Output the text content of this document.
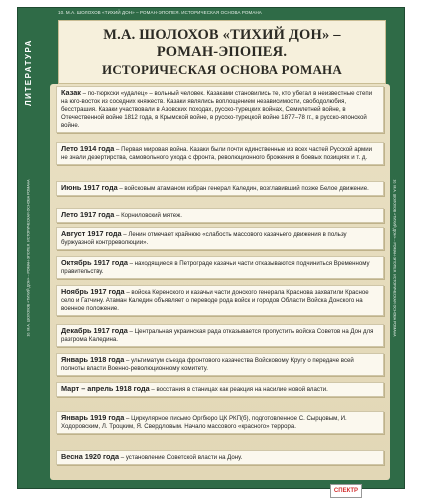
10. М.А. ШОЛОХОВ «ТИХИЙ ДОН» – РОМАН-ЭПОПЕЯ. ИСТОРИЧЕСКАЯ ОСНОВА РОМАНА
ЛИТЕРАТУРА
10. М.А. ШОЛОХОВ «ТИХИЙ ДОН» – РОМАН-ЭПОПЕЯ. ИСТОРИЧЕСКАЯ ОСНОВА РОМАНА	10. М.А. ШОЛОХОВ «ТИХИЙ ДОН» – РОМАН-ЭПОПЕЯ. ИСТОРИЧЕСКАЯ ОСНОВА РОМАНА
М.А. ШОЛОХОВ «ТИХИЙ ДОН» –
РОМАН-ЭПОПЕЯ.
ИСТОРИЧЕСКАЯ ОСНОВА РОМАНА
Казак – по-тюркски «удалец» – вольный человек. Казаками становились те, кто убегал в неизвестные степи на юго-восток из соседних княжеств. Казаки являлись воплощением независимости, свободолюбия, бесстрашия. Казаки участвовали в Азовских походах, русско-турецких войнах, Семилетней войне, в Отечественной войне 1812 года, в Крымской войне, в русско-турецкой войне 1877–78 гг., в русско-японской войне.
Лето 1914 года – Первая мировая война. Казаки были почти единственные из всех частей Русской армии не знали дезертирства, самовольного ухода с фронта, революционного брожения в боевых позициях и т. д.
Июнь 1917 года – войсковым атаманом избран генерал Каледин, возглавивший позже Белое движение.
Лето 1917 года – Корниловский мятеж.
Август 1917 года – Ленин отмечает крайнюю «слабость массового казачьего движения в пользу буржуазной контрреволюции».
Октябрь 1917 года – находящиеся в Петрограде казачьи части отказываются подчиниться Временному правительству.
Ноябрь 1917 года – войска Керенского и казачьи части донского генерала Краснова захватили Красное село и Гатчину. Атаман Каледин объявляет о переводе рода войск и городов Области Войска Донского на военное положение.
Декабрь 1917 года – Центральная украинская рада отказывается пропустить войска Советов на Дон для разгрома Каледина.
Январь 1918 года – ультиматум съезда фронтового казачества Войсковому Кругу о передаче всей полноты власти Военно-революционному комитету.
Март – апрель 1918 года – восстания в станицах как реакция на насилие новой власти.
Январь 1919 года – Циркулярное письмо Оргбюро ЦК РКП(б), подготовленное С. Сырцовым, И. Ходоровским, Л. Троцким, Я. Свердловым. Начало массового «красного» террора.
Весна 1920 года – установление Советской власти на Дону.
СПЕКТР
